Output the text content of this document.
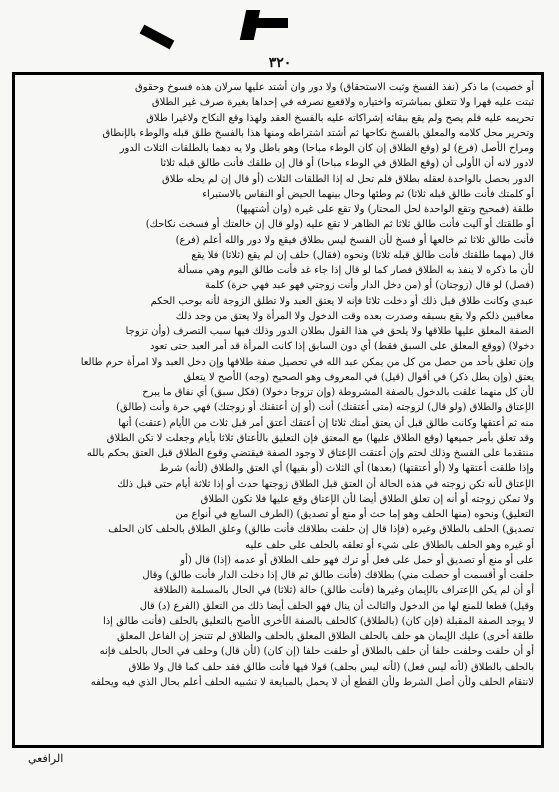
٣٢٠

أو خصيت) ما ذكر (نفذ الفسخ وثبت الاستحقاق) ولا دور وان أشتد عليها سرلان هذه فسوخ وحقوق

ثبتت عليه قهرا ولا تتعلق بمباشرته واختياره ولاقعيع نصرفه في إحداها بغيرة صرف غير الطلاق

تحريمه عليه فلم يصح ولم يقع ببقائه إشراكاته عليه بالفسخ العقد ولهذا وقع النكاح ولاغيرا طلاق

وتحرير محل كلامه والمعلق بالفسخ نكاحها ثم أشتد اشتراطه ومنها هذا بالفسخ طلق قبله والوطء بالإنطاق

ومراح الأصل (فرع) لو (وقع الطلاق إن كان الوطء مباحا) وهو باطل ولا يه دهما بالطلقات الثلاث الدور

لادور لانه أن الأولى أن (وقع الطلاق في الوطء مباحا) أو قال إن طلقك فأنت طالق قبله ثلاثا

الدور بحصل بالواحدة لعقله بطلاق فلم تحل له إذا الطلقات الثلاث (أو قال إن لم يحله طلاق

أو كلمتك فأنت طالق قبله ثلاثا) ثم وطئها وحال بينهما الحيض أو النفاس بالاستبراء

طلقة (فمحيح وتقع الواحدة لحل المحتار) ولا تقع على غيره (وان أشتهيها)

أو طلقتك أو آليت فأنت طالق ثلاثا ثم الظاهر لا تقع عليه (ولو قال إن خالعتك أو فسخت نكاحك)

فأنت طالق ثلاثا ثم خالعها أو فسخ لأن الفسخ ليس بطلاق فيقع ولا دور والله أعلم (فرع)

قال (مهما طلقتك فأنت طالق قبله ثلاثا) ونحوه (فقال) حلف إن لم يقع (ثلاثا) فلا يقع

لأن ما ذكره لا ينفذ به الطلاق فصار كما لو قال إذا جاء غد فأنت طالق اليوم وهي مسألة

(فصل) لو قال (زوجتان) أو (من دخل الدار وأنت زوجتي فهو عبد فهي حرة) كلمة

عبدي وكانت طلاق قبل ذلك أو دخلت ثلاثا فإنه لا يعتق العبد ولا تطلق الزوجة لأنه بوحب الحكم

معاقبين ذلكم ولا يقع بسبقه وصدرت بعده وقت الدخول ولا المرأة ولا يعتق من وجد ذلك

الصفة المعلق عليها طلاقها ولا يلحق في هذا القول بطلان الدور وذلك فيها سبب التصرف (وأن تزوجا

دخولا) (ووقع المعلق على السبق فقط) أي دون السابق إذا كانت المرأة قد أمر العبد حتى تعود

وإن تعلق بأحد من حصل من كل من يمكن عبد الله في تحصيل صفة طلاقها وإن دخل العبد ولا امرأة حرم طالعا

يعتق (وإن بطل ذكر) في أقوال (قيل) في المعروف وهو الصحيح (وجه) الأصح لا يتعلق

لأن كل منهما علقت بالدخول بالصفة المشروطة (وإن تزوجا دخولا) (فكل سبق) أي نفاق ما يبرح

الإعتاق والطلاق (ولو قال) لزوجته (متى أعتقتك) أنت (أو إن أعتقتك أو زوجتك) فهي حرة وأنت (طالق)

منه ثم أعتقها وكانت طالق قبل أن يعتق أمتك ثلاثا إن أعتقك أعتق أمر قبل ثلاث من الأيام (عتقت) أنها

وقد تعلق بأمر جميعها (وقع الطلاق عليها) مع المعتق فإن التعليق بالأعتاق ثلاثا بأيام وجعلت لا تكن الطلاق

منتقدما على الفسخ وذلك لحتم وإن أعتقت الإعتاق لا وجود الصفة فيقتضي وقوع الطلاق قبل العتق بحكم بالله

وإذا طلقت أعتقها ولا (أو أعتقتها) (بعدها) أي الثلاث (أو بقيها) أي العتق والطلاق (لأنه) شرط

الإعتاق لأنه تكن زوجته في هذه الحالة أن العتق قبل الطلاق زوجتها حدث أو إذا ثلاثة أيام حتى قبل ذلك

ولا تمكن زوجته أو أنه إن تعلق الطلاق أيضا لأن الإعتاق وقع عليها فلا تكون الطلاق

التعليق) ونحوه (منها الحلف وهو إما حث أو منع أو تصديق) (الطرف السابع في أنواع من

تصديق) الحلف بالطلاق وغيره (فإذا قال إن حلفت بطلاقك فأنت طالق) وعلق الطلاق بالحلف كان الحلف

أو غيره وهو الحلف بالطلاق على شيء أو تعلقه بالحلف على حلف عليه

على أو منع أو تصديق أو حمل على فعل أو ترك فهو حلف الطلاق أو عدمه (إذا) قال (أو

حلفت أو أقسمت أو حصلت مني) بطلاقك (فأنت طالق ثم قال إذا دخلت الدار فأنت طالق) وقال

أو أن لم يكن الإعتراف بالإيمان وغيرها (فأنت طالق) حالة (ثلاثا) في الحال بالمسلمة (الطلاقة

وقيل) قطعا للمنع لها من الدخول والثالث أن ينال فهو الحلف أيضا ذلك من التعلق (الفرع (د) قال

لا يوجد الصفة المقبلة (فإن كان) (بالطلاق) كالحلف بالصفة الأخرى الأصح بالتعليق بالحلف (فأنت طالق إذا

طلقة أخرى) عليك الإيمان هو حلف بالحلف الطلاق المعلق بالحلف والطلاق لم تتنجز إن الفاعل المعلق

أو أن حلفت وحلفت حلفا أن حلف بالطلاق أو حلفت حلفا (إن كان) (لأن قال) وحلف في الحال بالحلف فإنه

بالحلف بالطلاق (لأنه ليس فعل) (لأنه ليس بحلف) قولا فيها فأنت طالق فقد حلف كما قال ولا طلاق

لانتقام الحلف ولأن أصل الشرط ولأن القطع أن لا يحمل بالمبايعة لا تشبيه الحلف أعلم بحال الذي فيه ويحلفه

الرافعي
